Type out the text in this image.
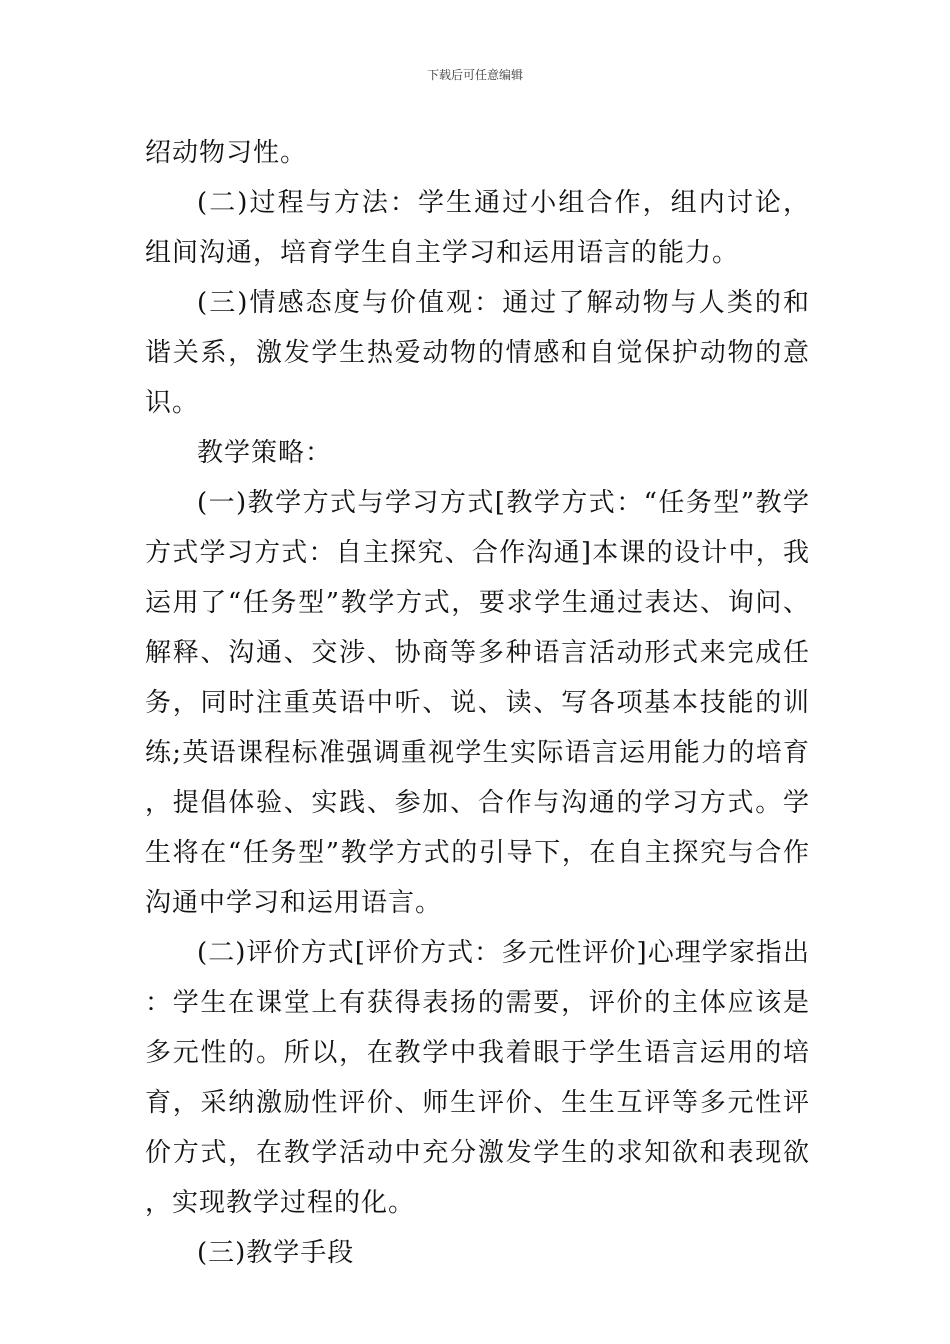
下载后可任意编辑

绍动物习性。

(二)过程与方法：学生通过小组合作，组内讨论，组间沟通，培育学生自主学习和运用语言的能力。

(三)情感态度与价值观：通过了解动物与人类的和谐关系，激发学生热爱动物的情感和自觉保护动物的意识。

教学策略：

(一)教学方式与学习方式[教学方式：“任务型”教学方式学习方式：自主探究、合作沟通]本课的设计中，我运用了“任务型”教学方式，要求学生通过表达、询问、解释、沟通、交涉、协商等多种语言活动形式来完成任务，同时注重英语中听、说、读、写各项基本技能的训练;英语课程标准强调重视学生实际语言运用能力的培育，提倡体验、实践、参加、合作与沟通的学习方式。学生将在“任务型”教学方式的引导下，在自主探究与合作沟通中学习和运用语言。

(二)评价方式[评价方式：多元性评价]心理学家指出：学生在课堂上有获得表扬的需要，评价的主体应该是多元性的。所以，在教学中我着眼于学生语言运用的培育，采纳激励性评价、师生评价、生生互评等多元性评价方式，在教学活动中充分激发学生的求知欲和表现欲，实现教学过程的化。

(三)教学手段
